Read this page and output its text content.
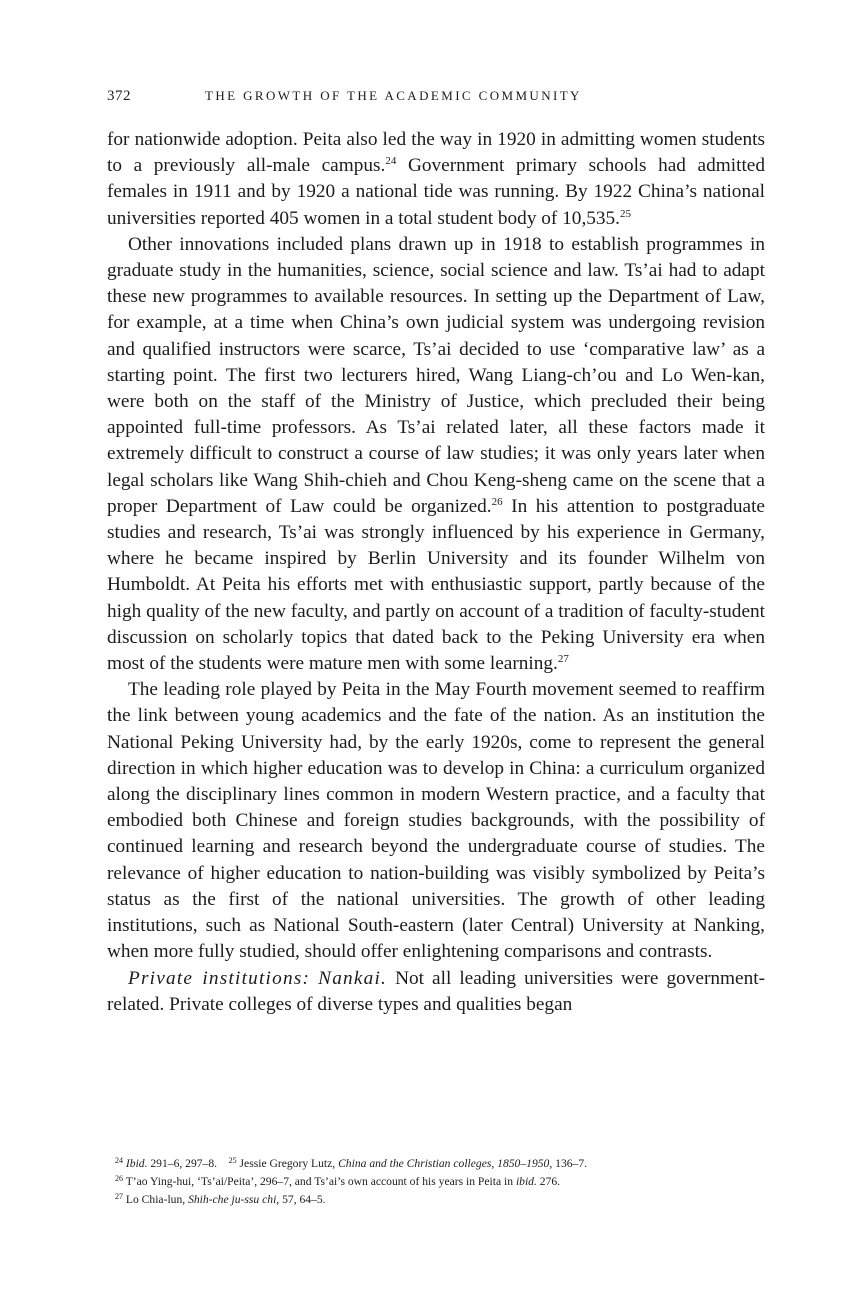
372	THE GROWTH OF THE ACADEMIC COMMUNITY

for nationwide adoption. Peita also led the way in 1920 in admitting women students to a previously all-male campus.$^{24}$ Government primary schools had admitted females in 1911 and by 1920 a national tide was running. By 1922 China’s national universities reported 405 women in a total student body of 10,535.25

Other innovations included plans drawn up in 1918 to establish programmes in graduate study in the humanities, science, social science and law. Ts’ai had to adapt these new programmes to available resources. In setting up the Department of Law, for example, at a time when China’s own judicial system was undergoing revision and qualified instructors were scarce, Ts’ai decided to use ‘comparative law’ as a starting point. The first two lecturers hired, Wang Liang-ch’ou and Lo Wen-kan, were both on the staff of the Ministry of Justice, which precluded their being appointed full-time professors. As Ts’ai related later, all these factors made it extremely difficult to construct a course of law studies; it was only years later when legal scholars like Wang Shih-chieh and Chou Keng-sheng came on the scene that a proper Department of Law could be organized.$^{26}$ In his attention to postgraduate studies and research, Ts’ai was strongly influenced by his experience in Germany, where he became inspired by Berlin University and its founder Wilhelm von Humboldt. At Peita his efforts met with enthusiastic support, partly because of the high quality of the new faculty, and partly on account of a tradition of faculty-student discussion on scholarly topics that dated back to the Peking University era when most of the students were mature men with some learning.$^{27}$

The leading role played by Peita in the May Fourth movement seemed to reaffirm the link between young academics and the fate of the nation. As an institution the National Peking University had, by the early 1920s, come to represent the general direction in which higher education was to develop in China: a curriculum organized along the disciplinary lines common in modern Western practice, and a faculty that embodied both Chinese and foreign studies backgrounds, with the possibility of continued learning and research beyond the undergraduate course of studies. The relevance of higher education to nation-building was visibly symbolized by Peita’s status as the first of the national universities. The growth of other leading institutions, such as National South-eastern (later Central) University at Nanking, when more fully studied, should offer enlightening comparisons and contrasts.

Private institutions: Nankai. Not all leading universities were government-related. Private colleges of diverse types and qualities began

$^{24}$ Ibid. 291–6, 297–8. $^{25}$ Jessie Gregory Lutz, China and the Christian colleges, 1850–1950, 136–7.

$^{26}$ T’ao Ying-hui, ‘Ts’ai/Peita’, 296–7, and Ts’ai’s own account of his years in Peita in ibid. 276.

$^{27}$ Lo Chia-lun, Shih-che ju-ssu chi, 57, 64–5.
